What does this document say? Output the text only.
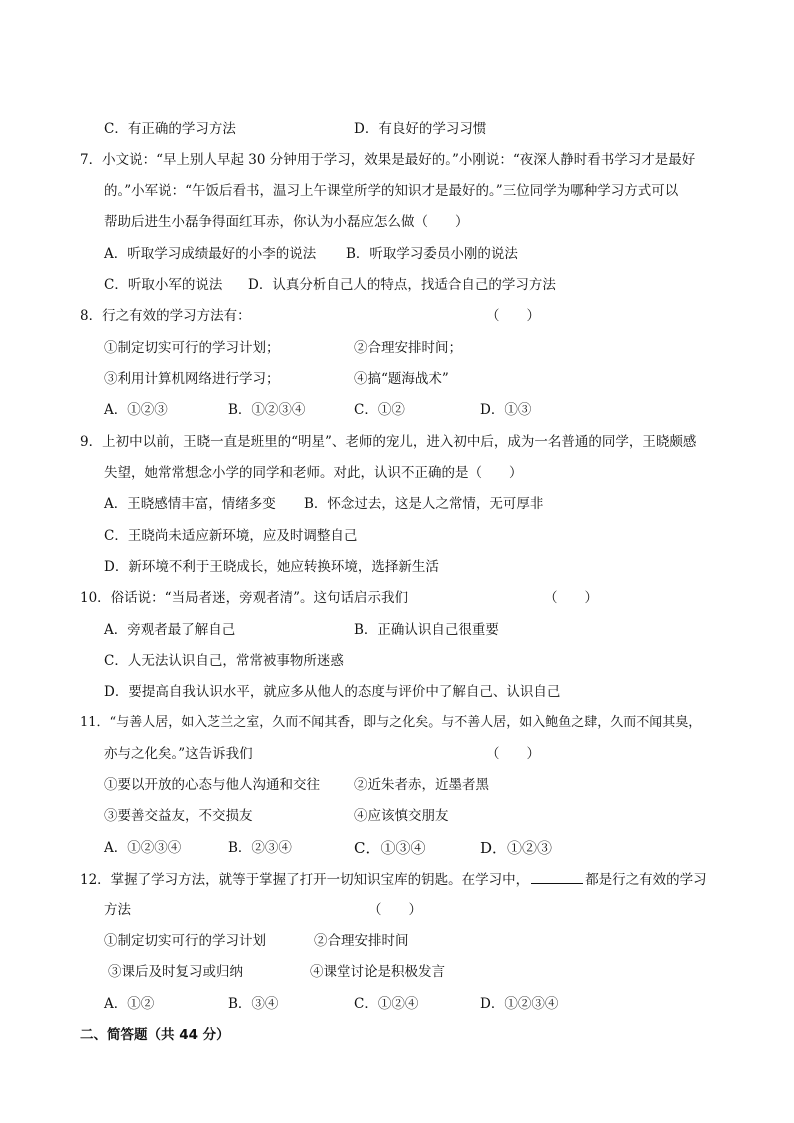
C．有正确的学习方法	D．有良好的学习习惯
7．小文说：“早上别人早起 30 分钟用于学习，效果是最好的。”小刚说：“夜深人静时看书学习才是最好
的。”小军说：“午饭后看书，温习上午课堂所学的知识才是最好的。”三位同学为哪种学习方式可以
帮助后进生小磊争得面红耳赤，你认为小磊应怎么做（　　）
A．听取学习成绩最好的小李的说法 B．听取学习委员小刚的说法
C．听取小军的说法 D．认真分析自己人的特点，找适合自己的学习方法
8．行之有效的学习方法有：	（　　）
①制定切实可行的学习计划；	②合理安排时间；
③利用计算机网络进行学习；	④搞“题海战术”
A．①②③	B．①②③④	C．①②	D．①③
9．上初中以前，王晓一直是班里的“明星”、老师的宠儿，进入初中后，成为一名普通的同学，王晓颇感
失望，她常常想念小学的同学和老师。对此，认识不正确的是（　　）
A．王晓感情丰富，情绪多变 B．怀念过去，这是人之常情，无可厚非
C．王晓尚未适应新环境，应及时调整自己
D．新环境不利于王晓成长，她应转换环境，选择新生活
10．俗话说：“当局者迷，旁观者清”。这句话启示我们	（　　）
A．旁观者最了解自己	B．正确认识自己很重要
C．人无法认识自己，常常被事物所迷惑
D．要提高自我认识水平，就应多从他人的态度与评价中了解自己、认识自己
11．“与善人居，如入芝兰之室，久而不闻其香，即与之化矣。与不善人居，如入鲍鱼之肆，久而不闻其臭，
亦与之化矣。”这告诉我们	（　　）
①要以开放的心态与他人沟通和交往	②近朱者赤，近墨者黑
③要善交益友，不交损友	④应该慎交朋友
A．①②③④	B．②③④	C．①③④	D．①②③
12．掌握了学习方法，就等于掌握了打开一切知识宝库的钥匙。在学习中，	都是行之有效的学习
方法	（　　）
①制定切实可行的学习计划	②合理安排时间
③课后及时复习或归纳	④课堂讨论是积极发言
A．①②	B．③④	C．①②④	D．①②③④
二、简答题（共 44 分）
